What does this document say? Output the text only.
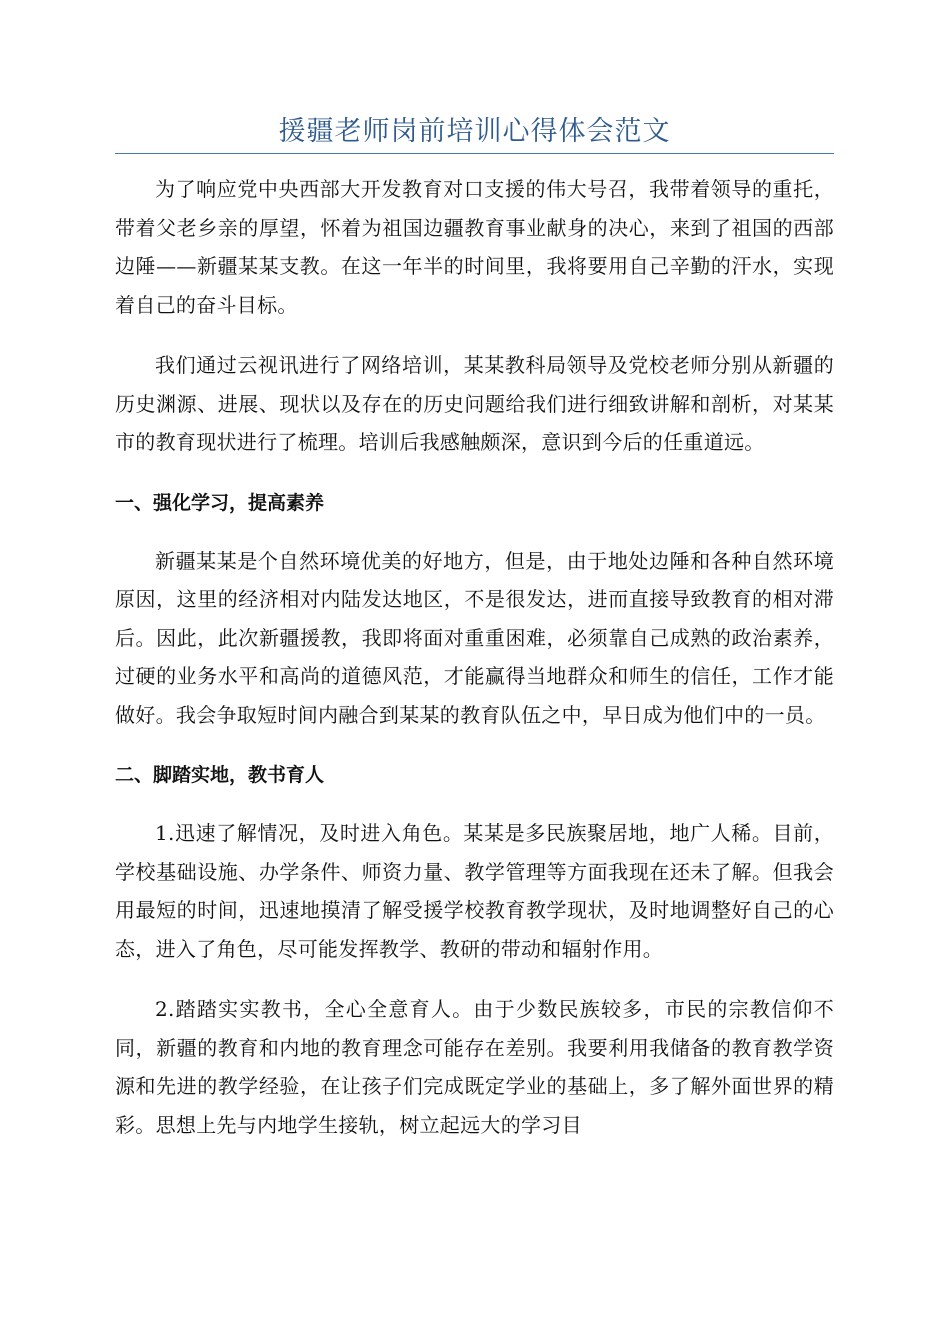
援疆老师岗前培训心得体会范文

为了响应党中央西部大开发教育对口支援的伟大号召，我带着领导的重托，带着父老乡亲的厚望，怀着为祖国边疆教育事业献身的决心，来到了祖国的西部边陲——新疆某某支教。在这一年半的时间里，我将要用自己辛勤的汗水，实现着自己的奋斗目标。

我们通过云视讯进行了网络培训，某某教科局领导及党校老师分别从新疆的历史渊源、进展、现状以及存在的历史问题给我们进行细致讲解和剖析，对某某市的教育现状进行了梳理。培训后我感触颇深，意识到今后的任重道远。

一、强化学习，提高素养

新疆某某是个自然环境优美的好地方，但是，由于地处边陲和各种自然环境原因，这里的经济相对内陆发达地区，不是很发达，进而直接导致教育的相对滞后。因此，此次新疆援教，我即将面对重重困难，必须靠自己成熟的政治素养，过硬的业务水平和高尚的道德风范，才能赢得当地群众和师生的信任，工作才能做好。我会争取短时间内融合到某某的教育队伍之中，早日成为他们中的一员。

二、脚踏实地，教书育人

1.迅速了解情况，及时进入角色。某某是多民族聚居地，地广人稀。目前，学校基础设施、办学条件、师资力量、教学管理等方面我现在还未了解。但我会用最短的时间，迅速地摸清了解受援学校教育教学现状，及时地调整好自己的心态，进入了角色，尽可能发挥教学、教研的带动和辐射作用。

2.踏踏实实教书，全心全意育人。由于少数民族较多，市民的宗教信仰不同，新疆的教育和内地的教育理念可能存在差别。我要利用我储备的教育教学资源和先进的教学经验，在让孩子们完成既定学业的基础上，多了解外面世界的精彩。思想上先与内地学生接轨，树立起远大的学习目
